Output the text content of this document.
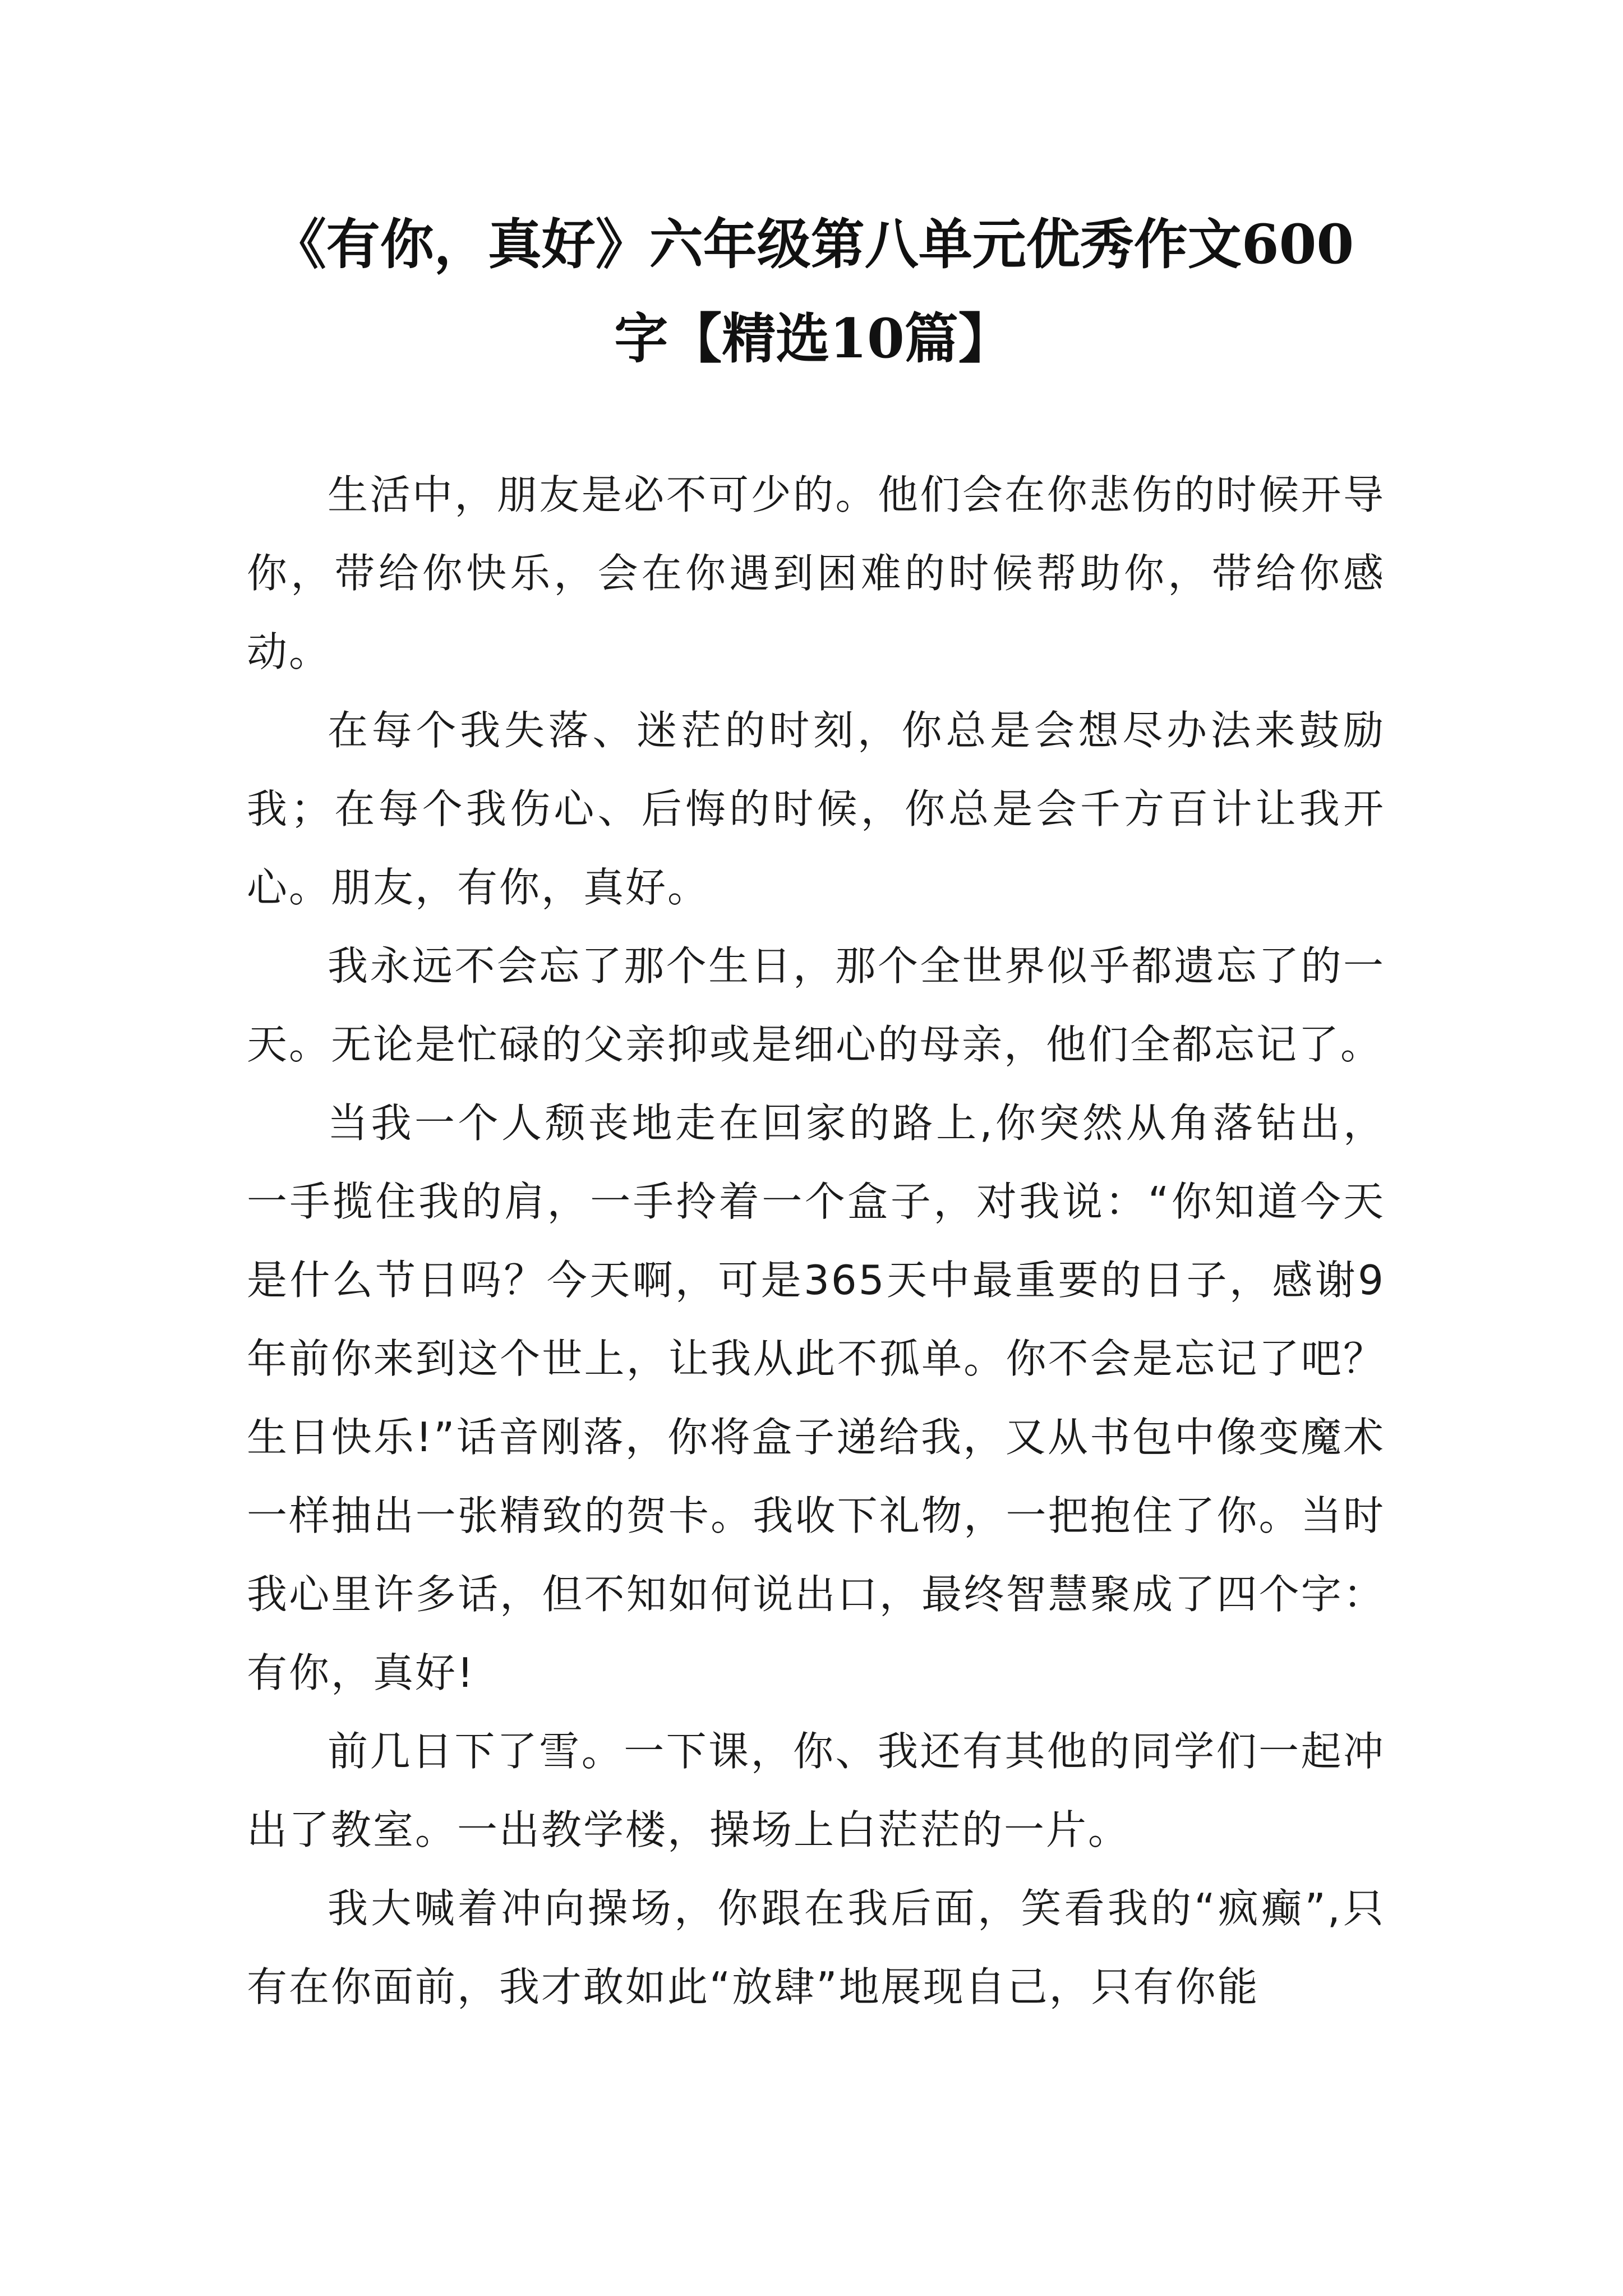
《有你，真好》六年级第八单元优秀作文600
字【精选10篇】

生活中，朋友是必不可少的。他们会在你悲伤的时候开导你，带给你快乐，会在你遇到困难的时候帮助你，带给你感动。

在每个我失落、迷茫的时刻，你总是会想尽办法来鼓励我；在每个我伤心、后悔的时候，你总是会千方百计让我开心。朋友，有你，真好。

我永远不会忘了那个生日，那个全世界似乎都遗忘了的一天。无论是忙碌的父亲抑或是细心的母亲，他们全都忘记了。

当我一个人颓丧地走在回家的路上,你突然从角落钻出，一手揽住我的肩，一手拎着一个盒子，对我说：“你知道今天是什么节日吗？今天啊，可是365天中最重要的日子，感谢9年前你来到这个世上，让我从此不孤单。你不会是忘记了吧？生日快乐!”话音刚落，你将盒子递给我，又从书包中像变魔术一样抽出一张精致的贺卡。我收下礼物，一把抱住了你。当时我心里许多话，但不知如何说出口，最终智慧聚成了四个字：有你，真好!

前几日下了雪。一下课，你、我还有其他的同学们一起冲出了教室。一出教学楼，操场上白茫茫的一片。

我大喊着冲向操场，你跟在我后面，笑看我的“疯癫”,只有在你面前，我才敢如此“放肆”地展现自己，只有你能
